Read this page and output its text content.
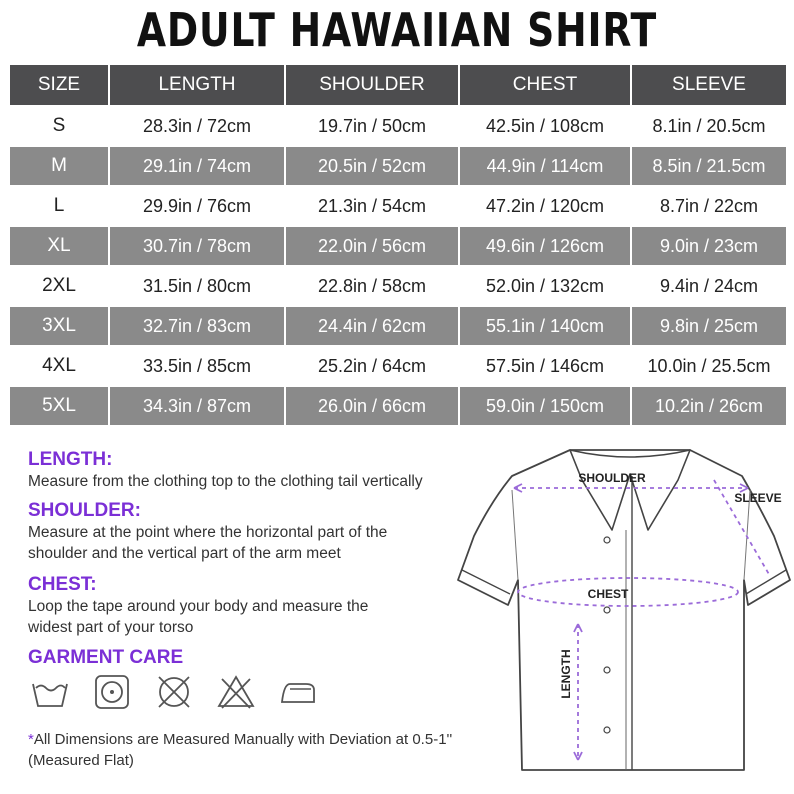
ADULT HAWAIIAN SHIRT
SIZE	LENGTH	SHOULDER	CHEST	SLEEVE
S	28.3in / 72cm	19.7in / 50cm	42.5in / 108cm	8.1in / 20.5cm
M	29.1in / 74cm	20.5in / 52cm	44.9in / 114cm	8.5in / 21.5cm
L	29.9in / 76cm	21.3in / 54cm	47.2in / 120cm	8.7in / 22cm
XL	30.7in / 78cm	22.0in / 56cm	49.6in / 126cm	9.0in / 23cm
2XL	31.5in / 80cm	22.8in / 58cm	52.0in / 132cm	9.4in / 24cm
3XL	32.7in / 83cm	24.4in / 62cm	55.1in / 140cm	9.8in / 25cm
4XL	33.5in / 85cm	25.2in / 64cm	57.5in / 146cm	10.0in / 25.5cm
5XL	34.3in / 87cm	26.0in / 66cm	59.0in / 150cm	10.2in / 26cm
LENGTH:

Measure from the clothing top to the clothing tail vertically

SHOULDER:

Measure at the point where the horizontal part of the shoulder and the vertical part of the arm meet

CHEST:

Loop the tape around your body and measure the widest part of your torso

GARMENT CARE

*All Dimensions are Measured Manually with Deviation at 0.5-1'' (Measured Flat)

SHOULDER
SLEEVE
CHEST
LENGTH
